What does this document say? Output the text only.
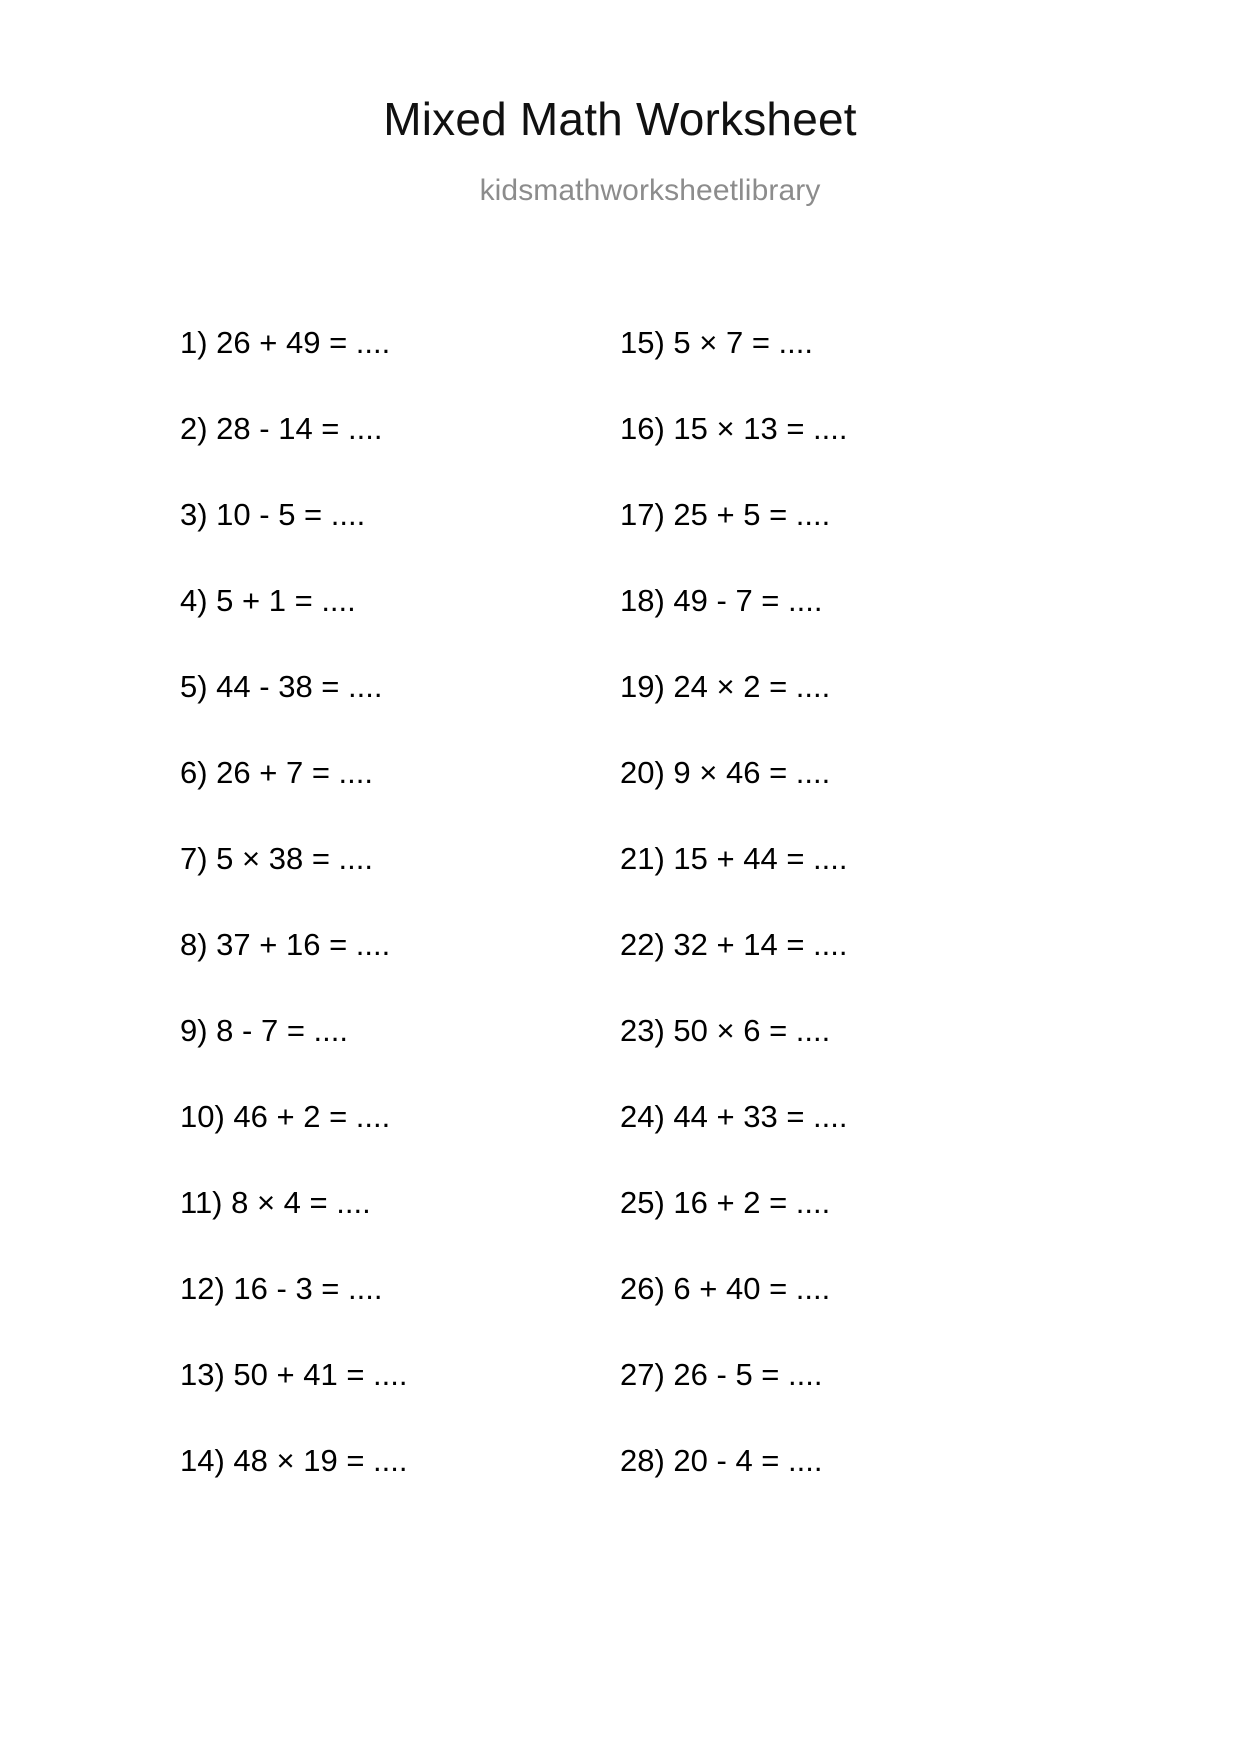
Mixed Math Worksheet
kidsmathworksheetlibrary
1) 26 + 49 = ....
2) 28 - 14 = ....
3) 10 - 5 = ....
4) 5 + 1 = ....
5) 44 - 38 = ....
6) 26 + 7 = ....
7) 5 × 38 = ....
8) 37 + 16 = ....
9) 8 - 7 = ....
10) 46 + 2 = ....
11) 8 × 4 = ....
12) 16 - 3 = ....
13) 50 + 41 = ....
14) 48 × 19 = ....
15) 5 × 7 = ....
16) 15 × 13 = ....
17) 25 + 5 = ....
18) 49 - 7 = ....
19) 24 × 2 = ....
20) 9 × 46 = ....
21) 15 + 44 = ....
22) 32 + 14 = ....
23) 50 × 6 = ....
24) 44 + 33 = ....
25) 16 + 2 = ....
26) 6 + 40 = ....
27) 26 - 5 = ....
28) 20 - 4 = ....
